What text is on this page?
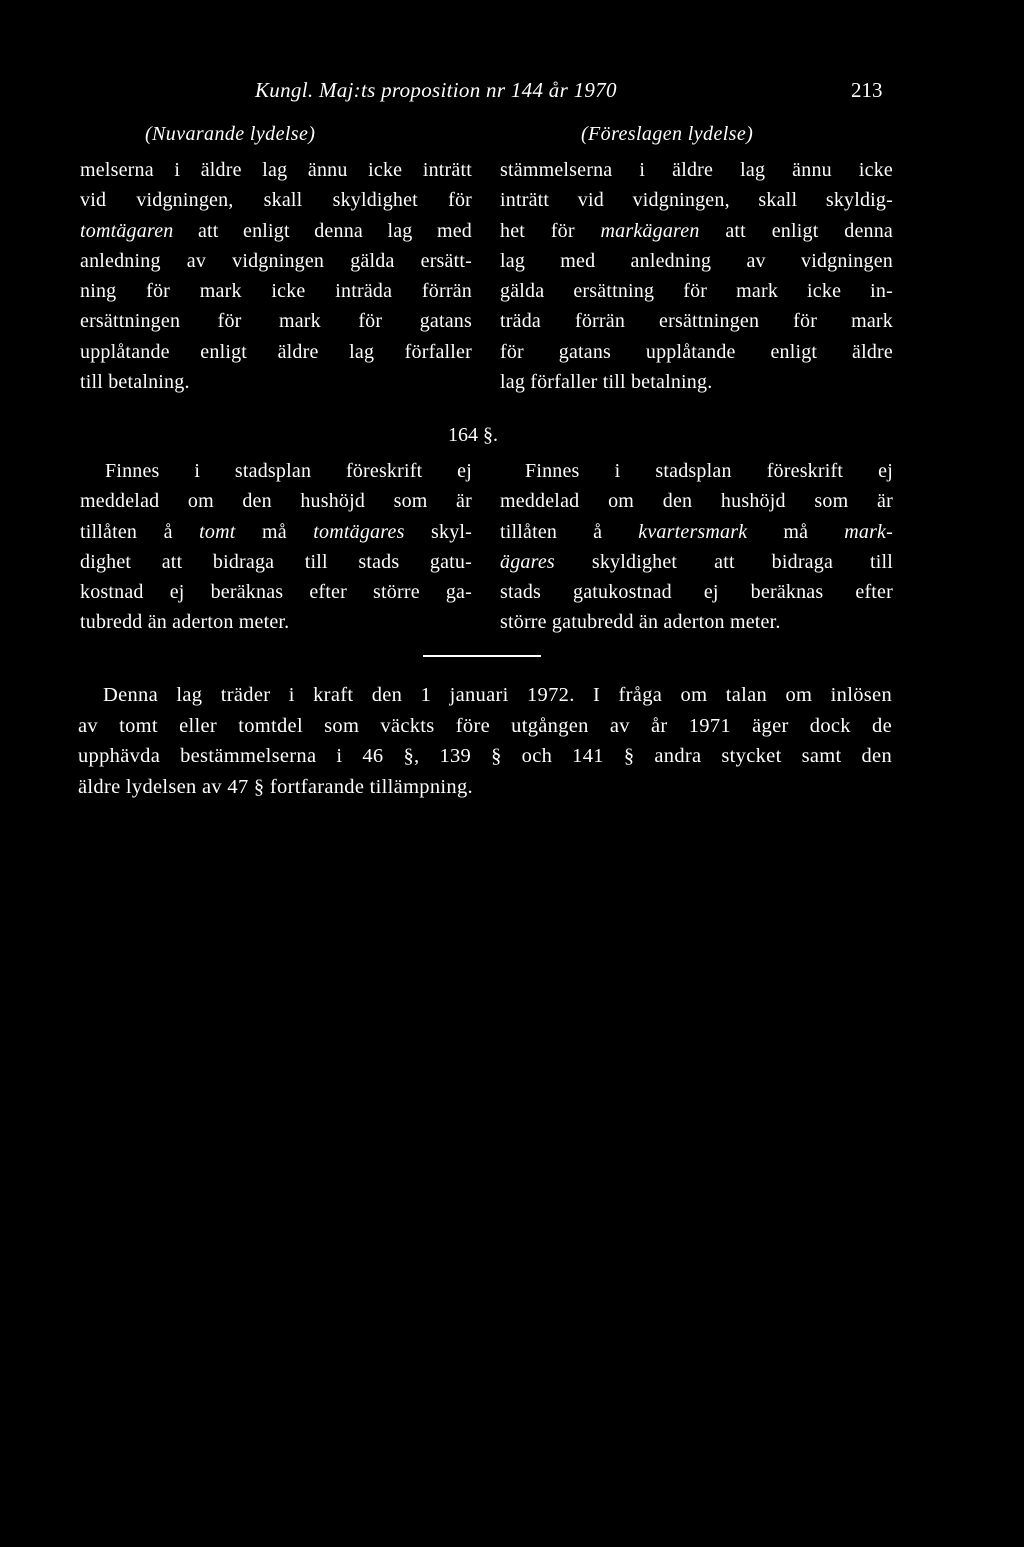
Kungl. Maj:ts proposition nr 144 år 1970	213
(Nuvarande lydelse)	(Föreslagen lydelse)
melserna i äldre lag ännu icke inträtt
vid vidgningen, skall skyldighet för
tomtägaren att enligt denna lag med
anledning av vidgningen gälda ersätt-
ning för mark icke inträda förrän
ersättningen för mark för gatans
upplåtande enligt äldre lag förfaller
till betalning.
stämmelserna i äldre lag ännu icke
inträtt vid vidgningen, skall skyldig-
het för markägaren att enligt denna
lag med anledning av vidgningen
gälda ersättning för mark icke in-
träda förrän ersättningen för mark
för gatans upplåtande enligt äldre
lag förfaller till betalning.
164 §.
Finnes i stadsplan föreskrift ej
meddelad om den hushöjd som är
tillåten å tomt må tomtägares skyl-
dighet att bidraga till stads gatu-
kostnad ej beräknas efter större ga-
tubredd än aderton meter.
Finnes i stadsplan föreskrift ej
meddelad om den hushöjd som är
tillåten å kvartersmark må mark-
ägares skyldighet att bidraga till
stads gatukostnad ej beräknas efter
större gatubredd än aderton meter.
Denna lag träder i kraft den 1 januari 1972. I fråga om talan om inlösen
av tomt eller tomtdel som väckts före utgången av år 1971 äger dock de
upphävda bestämmelserna i 46 §, 139 § och 141 § andra stycket samt den
äldre lydelsen av 47 § fortfarande tillämpning.
